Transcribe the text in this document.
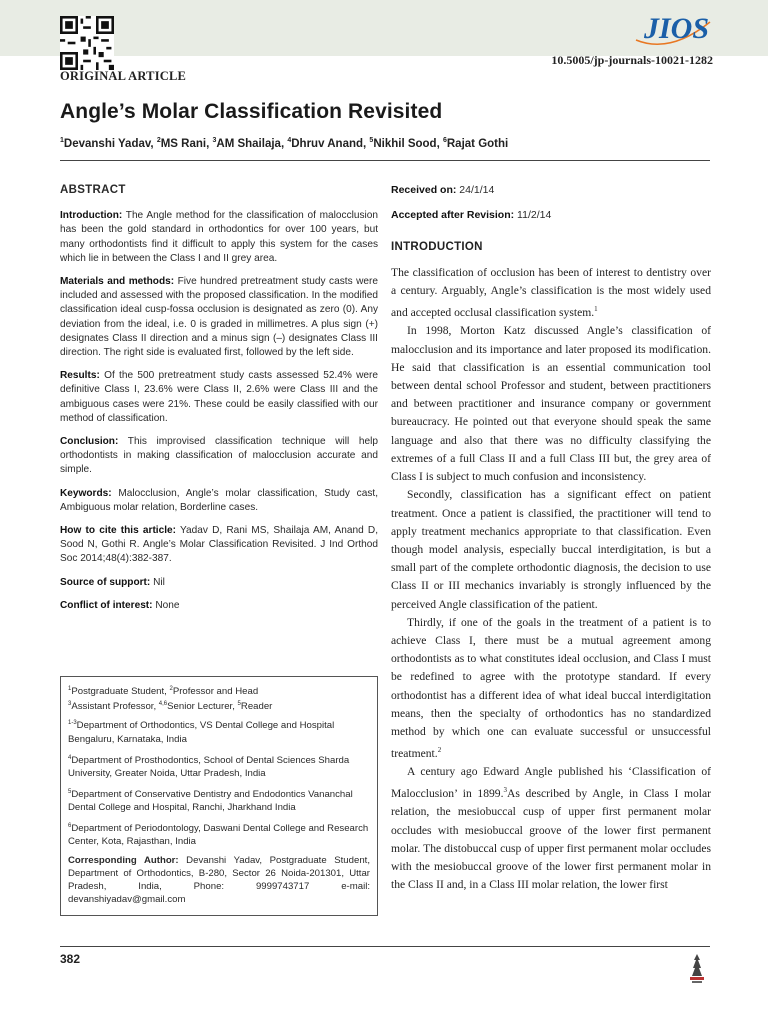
JIOS
10.5005/jp-journals-10021-1282
ORIGINAL ARTICLE
Angle’s Molar Classification Revisited
$^1$Devanshi Yadav, $^2$MS Rani, $^3$AM Shailaja, $^4$Dhruv Anand, $^5$Nikhil Sood, $^6$Rajat Gothi
ABSTRACT

Introduction: The Angle method for the classification of malocclusion has been the gold standard in orthodontics for over 100 years, but many orthodontists find it difficult to apply this system for the cases which lie in between the Class I and II grey area.

Materials and methods: Five hundred pretreatment study casts were included and assessed with the proposed classification. In the modified classification ideal cusp-fossa occlusion is designated as zero (0). Any deviation from the ideal, i.e. 0 is graded in millimetres. A plus sign (+) designates Class II direction and a minus sign (–) designates Class III direction. The right side is evaluated first, followed by the left side.

Results: Of the 500 pretreatment study casts assessed 52.4% were definitive Class I, 23.6% were Class II, 2.6% were Class III and the ambiguous cases were 21%. These could be easily classified with our method of classification.

Conclusion: This improvised classification technique will help orthodontists in making classification of malocclusion accurate and simple.

Keywords: Malocclusion, Angle’s molar classification, Study cast, Ambiguous molar relation, Borderline cases.

How to cite this article: Yadav D, Rani MS, Shailaja AM, Anand D, Sood N, Gothi R. Angle’s Molar Classification Revisited. J Ind Orthod Soc 2014;48(4):382-387.

Source of support: Nil

Conflict of interest: None

$^1$Postgraduate Student, $^2$Professor and Head
$^3$Assistant Professor, $^{4,6}$Senior Lecturer, $^5$Reader

$^{1-3}$Department of Orthodontics, VS Dental College and Hospital Bengaluru, Karnataka, India

$^4$Department of Prosthodontics, School of Dental Sciences Sharda University, Greater Noida, Uttar Pradesh, India

$^5$Department of Conservative Dentistry and Endodontics Vananchal Dental College and Hospital, Ranchi, Jharkhand India

$^6$Department of Periodontology, Daswani Dental College and Research Center, Kota, Rajasthan, India

Corresponding Author: Devanshi Yadav, Postgraduate Student, Department of Orthodontics, B-280, Sector 26 Noida-201301, Uttar Pradesh, India, Phone: 9999743717 e-mail: devanshiyadav@gmail.com

Received on: 24/1/14
Accepted after Revision: 11/2/14
INTRODUCTION

The classification of occlusion has been of interest to dentistry over a century. Arguably, Angle’s classification is the most widely used and accepted occlusal classification system.$^1$

In 1998, Morton Katz discussed Angle’s classification of malocclusion and its importance and later proposed its modification. He said that classification is an essential communication tool between dental school Professor and student, between practitioners and between practitioner and insurance company or government bureaucracy. He pointed out that everyone should speak the same language and also that there was no difficulty classifying the extremes of a full Class II and a full Class III but, the grey area of Class I is subject to much confusion and inconsistency.

Secondly, classification has a significant effect on patient treatment. Once a patient is classified, the practitioner will tend to apply treatment mechanics appropriate to that classification. Even though model analysis, especially buccal interdigitation, is but a small part of the complete orthodontic diagnosis, the decision to use Class II or III mechanics invariably is strongly influenced by the perceived Angle classification of the patient.

Thirdly, if one of the goals in the treatment of a patient is to achieve Class I, there must be a mutual agreement among orthodontists as to what constitutes ideal occlusion, and Class I must be redefined to agree with the prototype standard. If every orthodontist has a different idea of what ideal buccal interdigitation means, then the specialty of orthodontics has no standardized method by which one can evaluate successful or unsuccessful treatment.$^2$

A century ago Edward Angle published his ‘Classification of Malocclusion’ in 1899.$^3$As described by Angle, in Class I molar relation, the mesiobuccal cusp of upper first permanent molar occludes with mesiobuccal groove of the lower first permanent molar. The distobuccal cusp of upper first permanent molar occludes with the mesiobuccal groove of the lower first permanent molar in the Class II and, in a Class III molar relation, the lower first

382
